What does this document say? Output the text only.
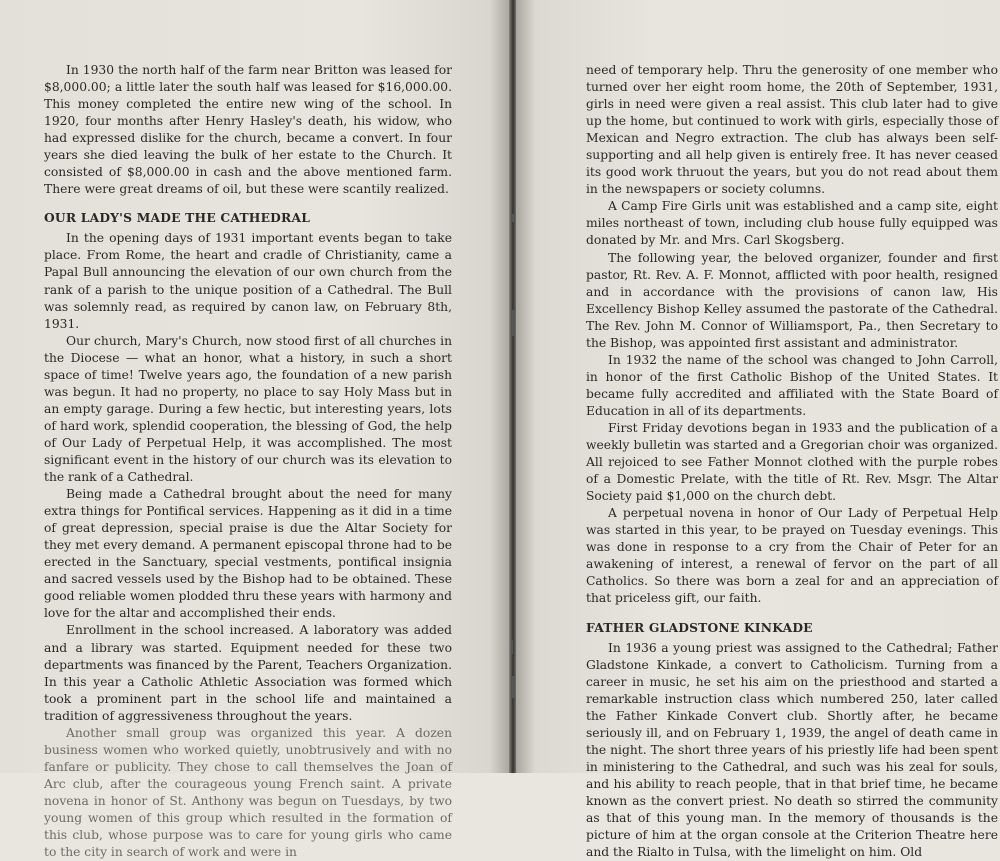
In 1930 the north half of the farm near Britton was leased for $8,000.00; a little later the south half was leased for $16,000.00. This money completed the entire new wing of the school. In 1920, four months after Henry Hasley's death, his widow, who had expressed dislike for the church, became a convert. In four years she died leaving the bulk of her estate to the Church. It consisted of $8,000.00 in cash and the above mentioned farm. There were great dreams of oil, but these were scantily realized.

OUR LADY'S MADE THE CATHEDRAL

In the opening days of 1931 important events began to take place. From Rome, the heart and cradle of Christianity, came a Papal Bull announcing the elevation of our own church from the rank of a parish to the unique position of a Cathedral. The Bull was solemnly read, as required by canon law, on February 8th, 1931.

Our church, Mary's Church, now stood first of all churches in the Diocese — what an honor, what a history, in such a short space of time! Twelve years ago, the foundation of a new parish was begun. It had no property, no place to say Holy Mass but in an empty garage. During a few hectic, but interesting years, lots of hard work, splendid cooperation, the blessing of God, the help of Our Lady of Perpetual Help, it was accomplished. The most significant event in the history of our church was its elevation to the rank of a Cathedral.

Being made a Cathedral brought about the need for many extra things for Pontifical services. Happening as it did in a time of great depression, special praise is due the Altar Society for they met every demand. A permanent episcopal throne had to be erected in the Sanctuary, special vestments, pontifical insignia and sacred vessels used by the Bishop had to be obtained. These good reliable women plodded thru these years with harmony and love for the altar and accomplished their ends.

Enrollment in the school increased. A laboratory was added and a library was started. Equipment needed for these two departments was financed by the Parent, Teachers Organization. In this year a Catholic Athletic Association was formed which took a prominent part in the school life and maintained a tradition of aggressiveness throughout the years.

Another small group was organized this year. A dozen business women who worked quietly, unobtrusively and with no fanfare or publicity. They chose to call themselves the Joan of Arc club, after the courageous young French saint. A private novena in honor of St. Anthony was begun on Tuesdays, by two young women of this group which resulted in the formation of this club, whose purpose was to care for young girls who came to the city in search of work and were in

need of temporary help. Thru the generosity of one member who turned over her eight room home, the 20th of September, 1931, girls in need were given a real assist. This club later had to give up the home, but continued to work with girls, especially those of Mexican and Negro extraction. The club has always been self-supporting and all help given is entirely free. It has never ceased its good work thruout the years, but you do not read about them in the newspapers or society columns.

A Camp Fire Girls unit was established and a camp site, eight miles northeast of town, including club house fully equipped was donated by Mr. and Mrs. Carl Skogsberg.

The following year, the beloved organizer, founder and first pastor, Rt. Rev. A. F. Monnot, afflicted with poor health, resigned and in accordance with the provisions of canon law, His Excellency Bishop Kelley assumed the pastorate of the Cathedral. The Rev. John M. Connor of Williamsport, Pa., then Secretary to the Bishop, was appointed first assistant and administrator.

In 1932 the name of the school was changed to John Carroll, in honor of the first Catholic Bishop of the United States. It became fully accredited and affiliated with the State Board of Education in all of its departments.

First Friday devotions began in 1933 and the publication of a weekly bulletin was started and a Gregorian choir was organized. All rejoiced to see Father Monnot clothed with the purple robes of a Domestic Prelate, with the title of Rt. Rev. Msgr. The Altar Society paid $1,000 on the church debt.

A perpetual novena in honor of Our Lady of Perpetual Help was started in this year, to be prayed on Tuesday evenings. This was done in response to a cry from the Chair of Peter for an awakening of interest, a renewal of fervor on the part of all Catholics. So there was born a zeal for and an appreciation of that priceless gift, our faith.

FATHER GLADSTONE KINKADE

In 1936 a young priest was assigned to the Cathedral; Father Gladstone Kinkade, a convert to Catholicism. Turning from a career in music, he set his aim on the priesthood and started a remarkable instruction class which numbered 250, later called the Father Kinkade Convert club. Shortly after, he became seriously ill, and on February 1, 1939, the angel of death came in the night. The short three years of his priestly life had been spent in ministering to the Cathedral, and such was his zeal for souls, and his ability to reach people, that in that brief time, he became known as the convert priest. No death so stirred the community as that of this young man. In the memory of thousands is the picture of him at the organ console at the Criterion Theatre here and the Rialto in Tulsa, with the limelight on him. Old
